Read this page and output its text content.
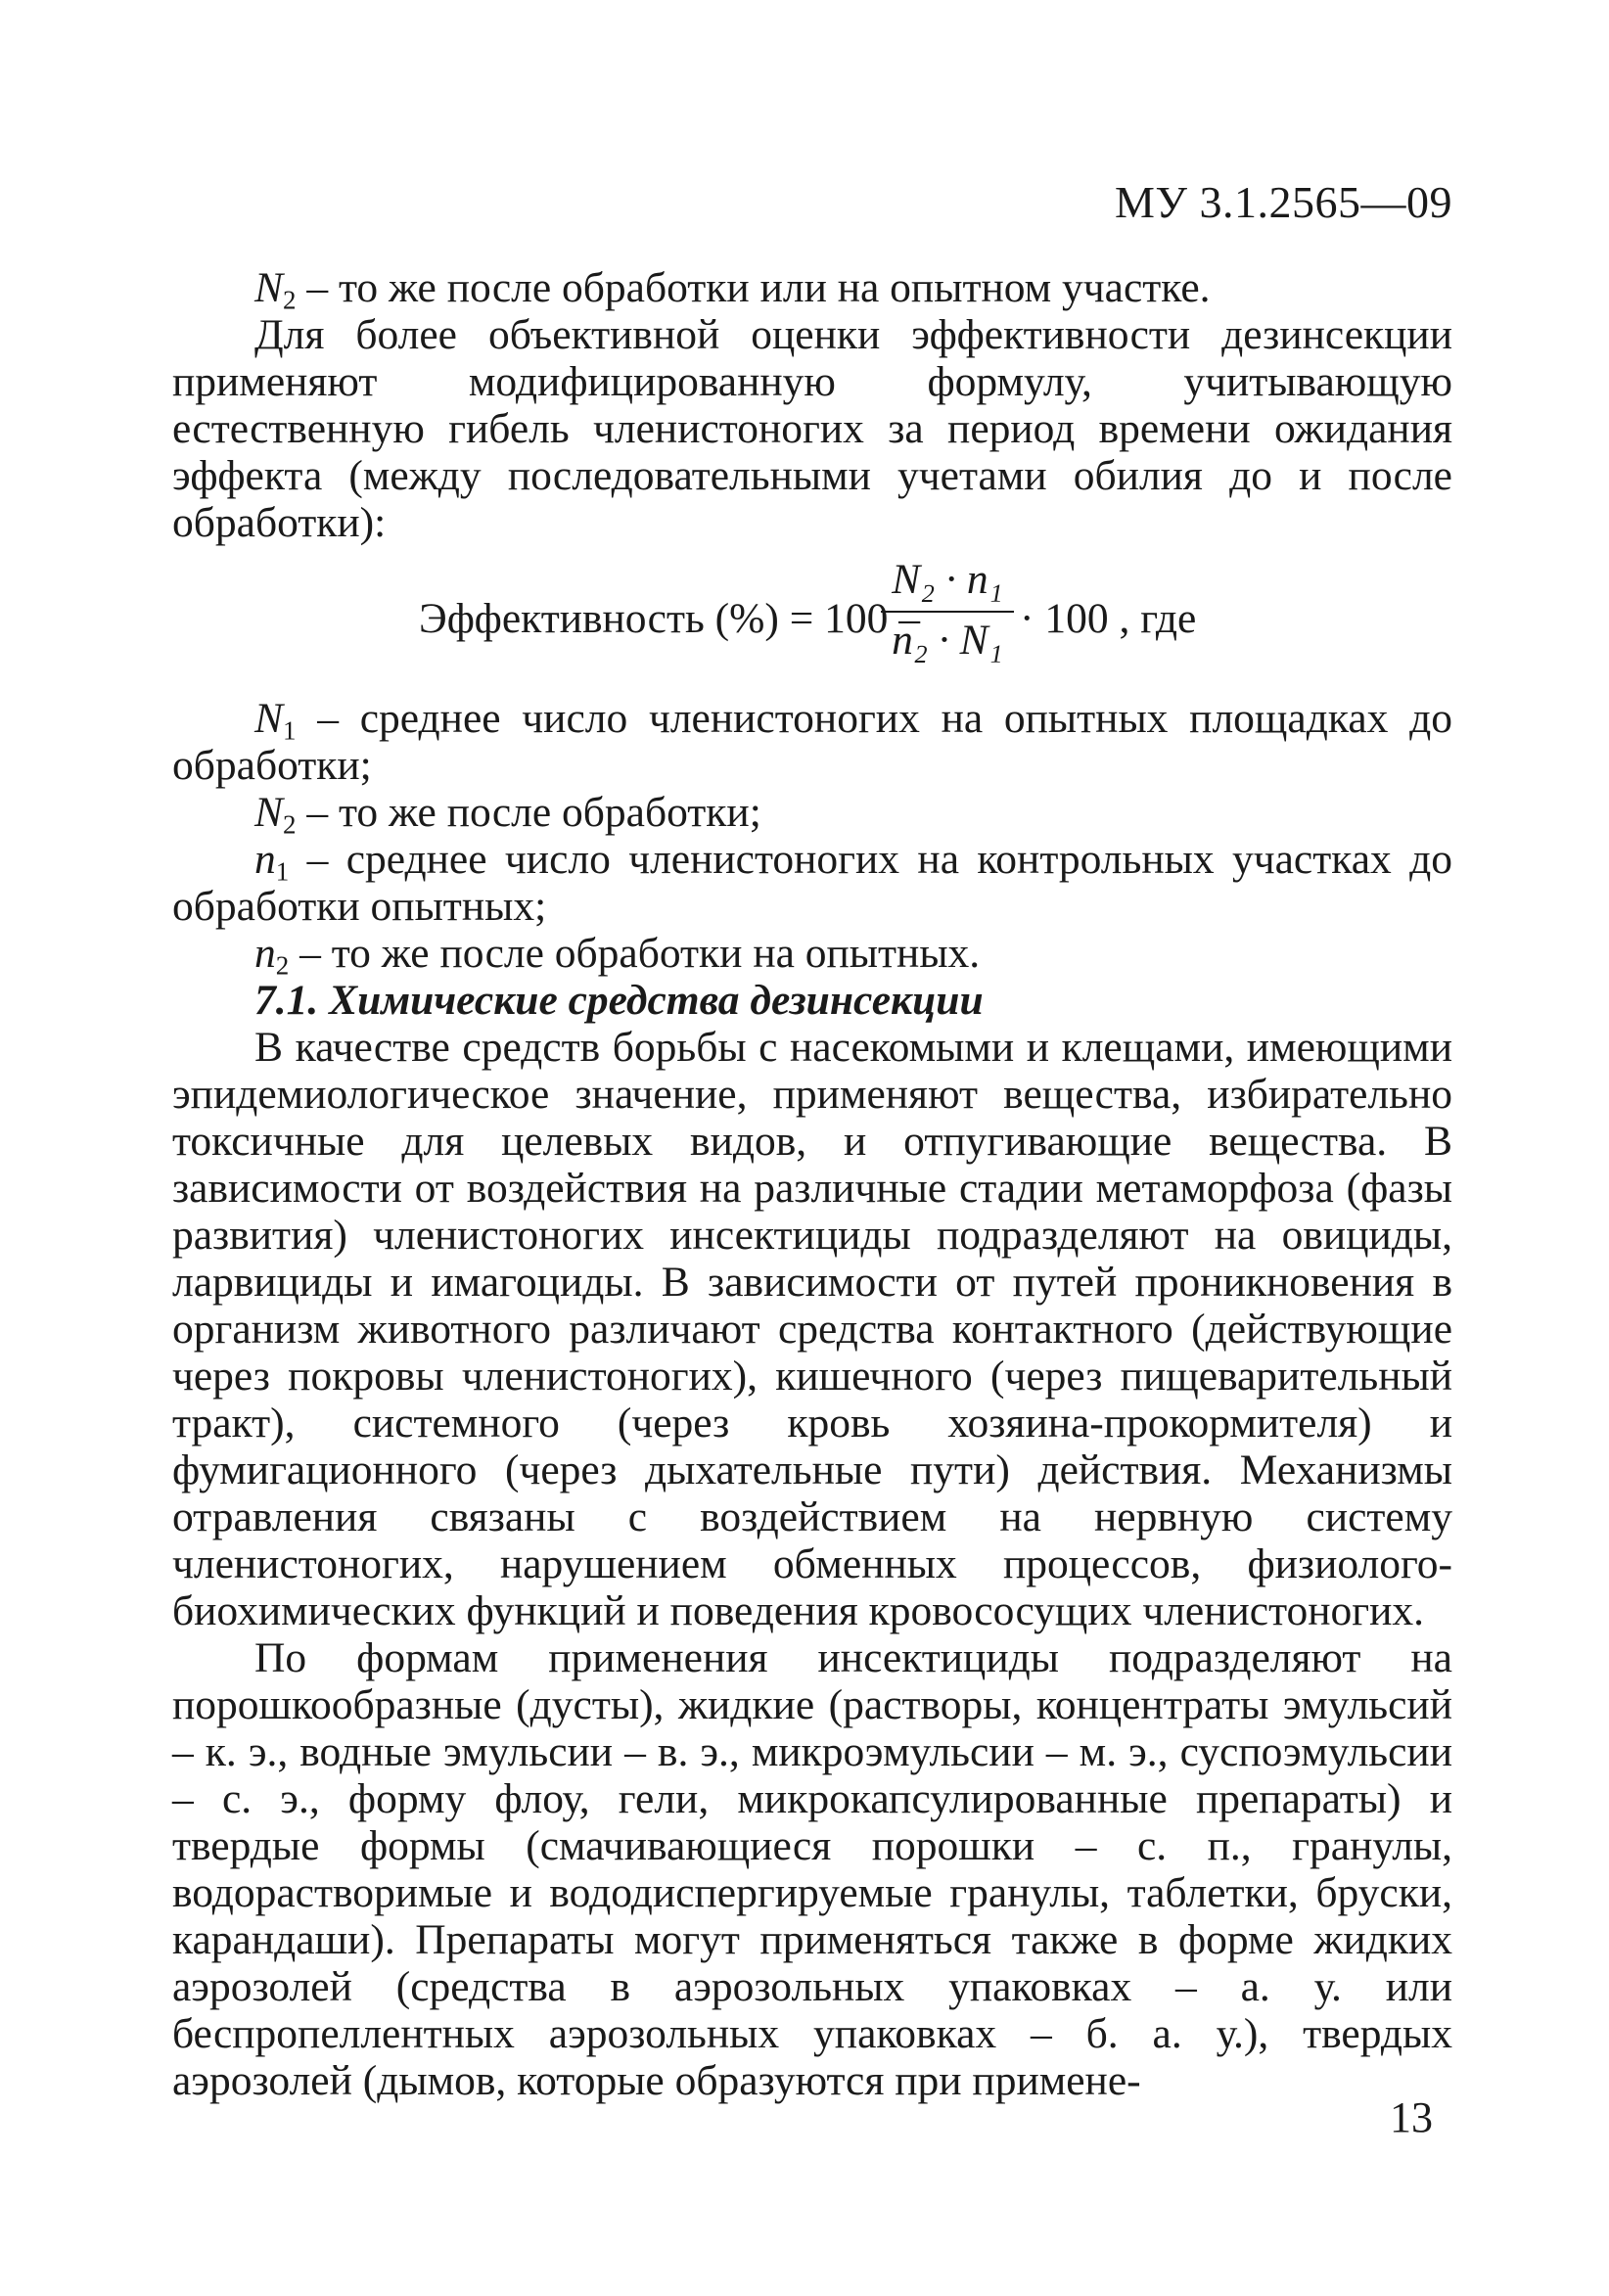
МУ 3.1.2565—09

$N_2$ – то же после обработки или на опытном участке.

Для более объективной оценки эффективности дезинсекции применяют модифицированную формулу, учитывающую естественную гибель членистоногих за период времени ожидания эффекта (между последовательными учетами обилия до и после обработки):

Эффективность (%) = 100 –
N₂ · n₁
n₂ · N₁ · 100 , где

$N_1$ – среднее число членистоногих на опытных площадках до обработки;

$N_2$ – то же после обработки;

$n_1$ – среднее число членистоногих на контрольных участках до обработки опытных;

$n_2$ – то же после обработки на опытных.

7.1. Химические средства дезинсекции

В качестве средств борьбы с насекомыми и клещами, имеющими эпидемиологическое значение, применяют вещества, избирательно токсичные для целевых видов, и отпугивающие вещества. В зависимости от воздействия на различные стадии метаморфоза (фазы развития) членистоногих инсектициды подразделяют на овициды, ларвициды и имагоциды. В зависимости от путей проникновения в организм животного различают средства контактного (действующие через покровы членистоногих), кишечного (через пищеварительный тракт), системного (через кровь хозяина-прокормителя) и фумигационного (через дыхательные пути) действия. Механизмы отравления связаны с воздействием на нервную систему членистоногих, нарушением обменных процессов, физиолого-биохимических функций и поведения кровососущих членистоногих.

По формам применения инсектициды подразделяют на порошкообразные (дусты), жидкие (растворы, концентраты эмульсий – к. э., водные эмульсии – в. э., микроэмульсии – м. э., суспоэмульсии – с. э., форму флоу, гели, микрокапсулированные препараты) и твердые формы (смачивающиеся порошки – с. п., гранулы, водорастворимые и вододиспергируемые гранулы, таблетки, бруски, карандаши). Препараты могут применяться также в форме жидких аэрозолей (средства в аэрозольных упаковках – а. у. или беспропеллентных аэрозольных упаковках – б. а. у.), твердых аэрозолей (дымов, которые образуются при примене-

13
